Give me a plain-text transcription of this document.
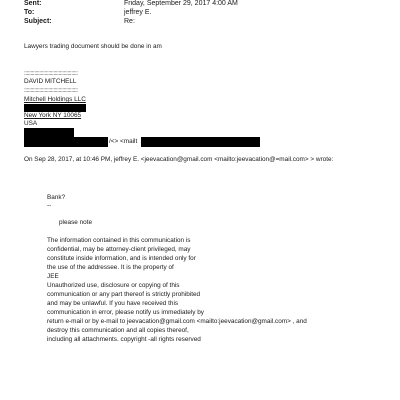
Sent:	Friday, September 29, 2017 4:00 AM
To:	jeffrey E.
Subject:	Re:
Lawyers trading document should be done in am
::::::::::::::::::::::::::::::::::::::::::
DAVID MITCHELL
::::::::::::::::::::::::::::::::::::::::::
Mitchell Holdings LLC
New York NY 10065
USA
/<> <mailt
On Sep 28, 2017, at 10:46 PM, jeffrey E. <jeevacation@gmail.com <mailto:jeevacation@=mail.com> > wrote:
Bank?
--
please note
The information contained in this communication is
confidential, may be attorney-client privileged, may
constitute inside information, and is intended only for
the use of the addressee. It is the property of
JEE
Unauthorized use, disclosure or copying of this
communication or any part thereof is strictly prohibited
and may be unlawful. If you have received this
communication in error, please notify us immediately by
return e-mail or by e-mail to jeevacation@gmail.com <mailto:jeevacation@gmail.com> , and
destroy this communication and all copies thereof,
including all attachments. copyright -all rights reserved
